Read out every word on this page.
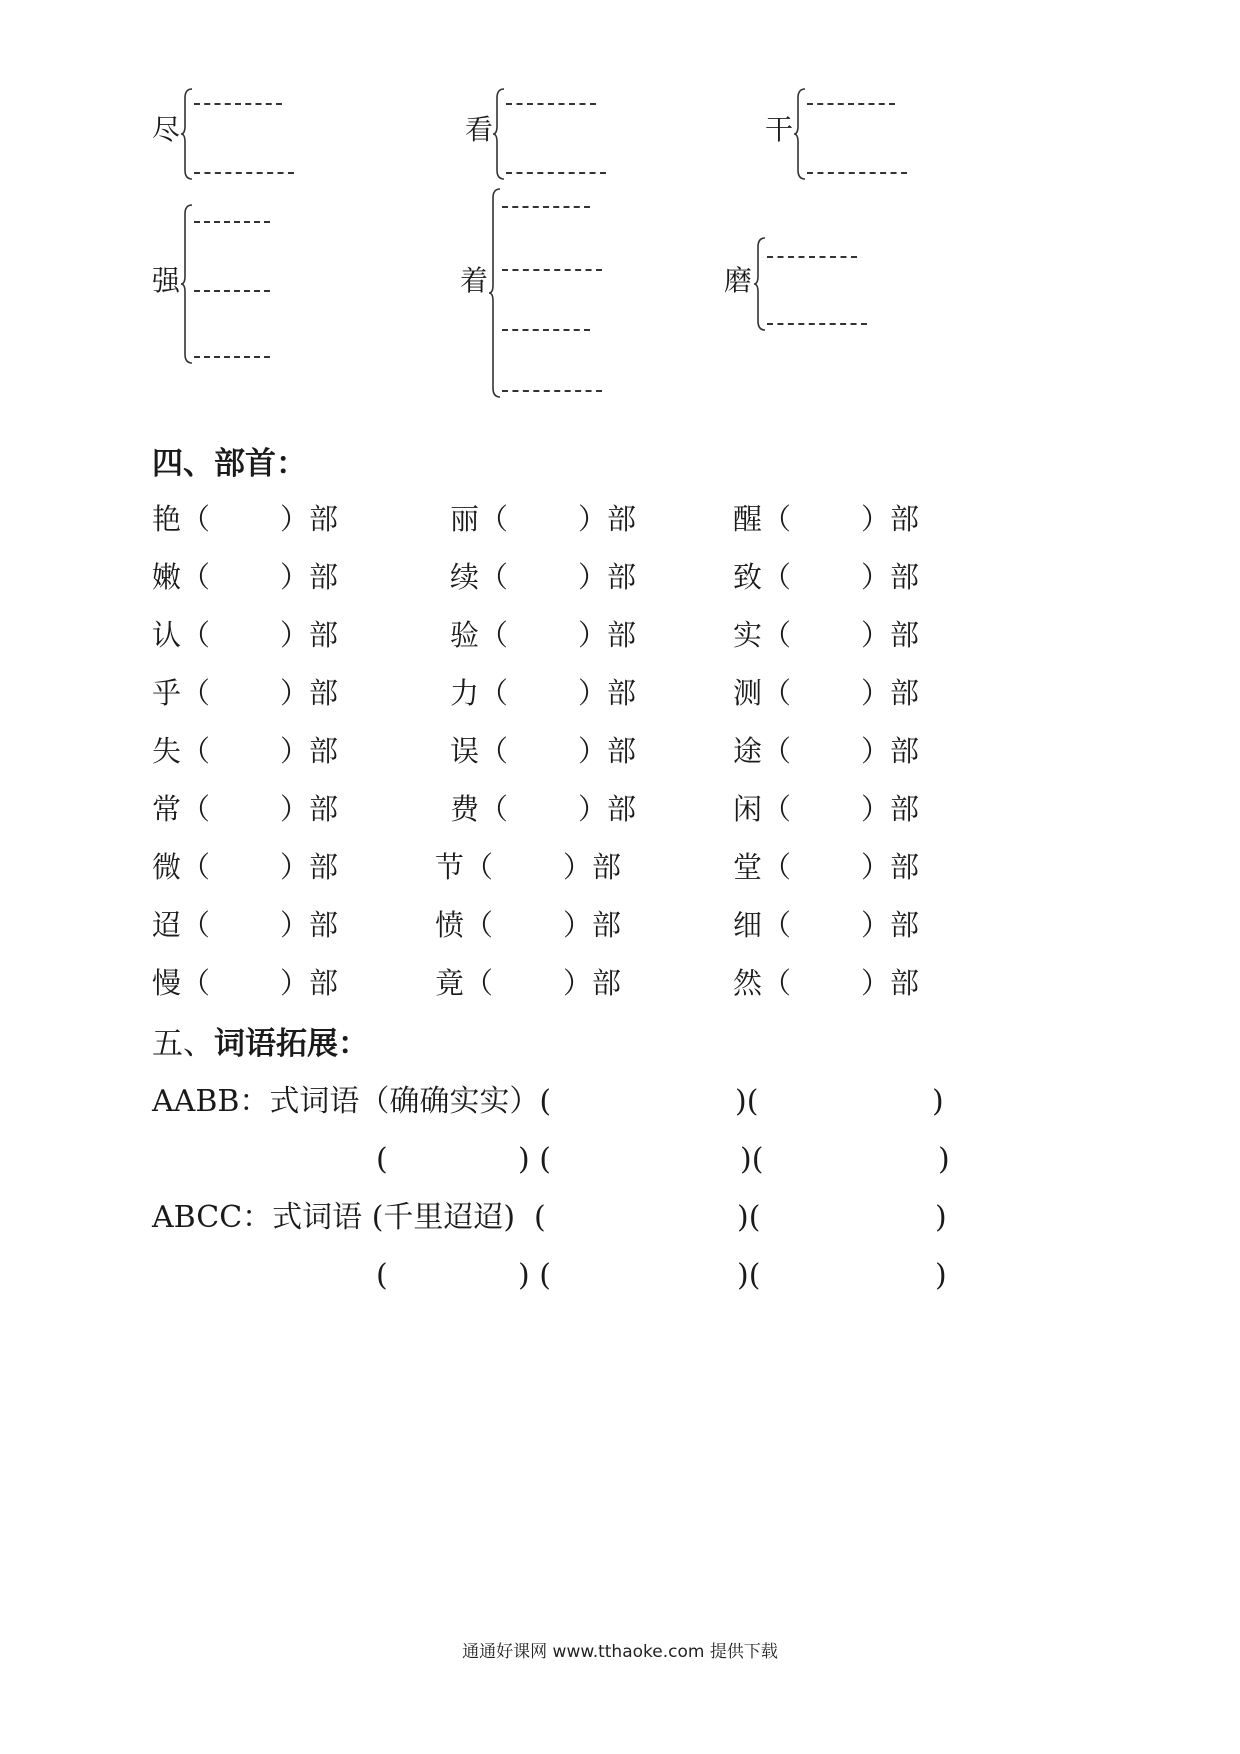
尽	看	干
强	着	磨
四、部首：
艳（ ）部	丽（ ）部	醒（ ）部
嫩（ ）部	续（ ）部	致（ ）部
认（ ）部	验（ ）部	实（ ）部
乎（ ）部	力（ ）部	测（ ）部
失（ ）部	误（ ）部	途（ ）部
常（ ）部	费（ ）部	闲（ ）部
微（ ）部	节（ ）部	堂（ ）部
迢（ ）部	愤（ ）部	细（ ）部
慢（ ）部	竟（ ）部	然（ ）部
五、词语拓展：
AABB：式词语（确确实实）(	)(	)
(	) (	)(	)
ABCC：式词语 (千里迢迢) (	)(	)
(	) (	)(	)
通通好课网 www.tthaoke.com 提供下载
